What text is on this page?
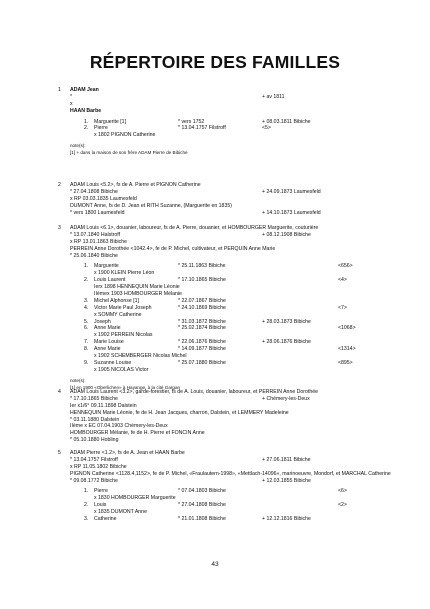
RÉPERTOIRE DES FAMILLES
1 ADAM Jean
*	+ av 1811
x
HAAN Barbe
1. Marguerite [1]	* vers 1752	+ 08.03.1811 Bibiche
2. Pierre	* 13.04.1757 Filstroff	<5>
x 1802 PIGNON Catherine
note(s):
[1] + dans la maison de son frère ADAM Pierre de Bibiche
2 ADAM Louis <5.2>, fs de A. Pierre et PIGNON Catherine
* 27.04.1808 Bibiche	+ 24.09.1873 Laumesfeld
x RP 03.03.1835 Laumesfeld
DUMONT Anne, fs de D. Jean et RITH Suzanne, (Marguerite en 1835)
* vers 1800 Laumesfeld	+ 14.10.1873 Laumesfeld
3 ADAM Louis <6.1>, douanier, laboureur, fs de A. Pierre, douanier, et HOMBOURGER Marguerite, couturière
* 13.07.1840 Halstroff	+ 08.12.1908 Bibiche
x RP 13.01.1863 Bibiche
PERREIN Anne Dorothée <1042.4>, fe de P. Michel, cultivateur, et PERQUIN Anne Marie
* 25.06.1840 Bibiche
1. Marguerite	* 25.11.1863 Bibiche	<656>
x 1900 KLEIN Pierre Léon
2. Louis Laurent	* 17.10.1865 Bibiche	<4>
Ierx 1898 HENNEQUIN Marie Léonie
IIèmex 1903 HOMBOURGER Mélanie
3. Michel Alphonse [1]	* 22.07.1867 Bibiche
4. Victor Marie Paul Joseph	* 24.10.1869 Bibiche	<7>
x SOMMY Catherine
5. Joseph	* 31.03.1872 Bibiche	+ 28.03.1873 Bibiche
6. Anne Marie	* 25.02.1874 Bibiche	<1068>
x 1902 PERREIN Nicolas
7. Marie Louise	* 22.06.1876 Bibiche	+ 28.06.1876 Bibiche
8. Anne Marie	* 14.09.1877 Bibiche	<1314>
x 1902 SCHEMBERGER Nicolas Michel
9. Suzanne Louise	* 25.07.1880 Bibiche	<895>
x 1905 NICOLAS Victor
note(s):
[1] en 1900 «Oberlichen» à Hayange, à la cité Gargan
4 ADAM Louis Laurent <3.2>, garde-forestier, fs de A. Louis, douanier, laboureur, et PERREIN Anne Dorothée
* 17.10.1865 Bibiche	+ Chémery-les-Deux
Ier x1/6° 09.11.1898 Dalstein
HENNEQUIN Marie Léonie, fe de H. Jean Jacques, charron, Dalstein, et LEMMERY Madeleine
* 03.11.1880 Dalstein
IIème x EC 07.04.1903 Chémery-les-Deux
HOMBOURGER Mélanie, fe de H. Pierre et FONCIN Anne
* 05.10.1880 Hobling
5 ADAM Pierre <1.2>, fs de A. Jean et HAAN Barbe
* 13.04.1757 Filstroff	+ 27.06.1811 Bibiche
x RP 11.05.1802 Bibiche
PIGNON Catherine <1128.4,1152>, fe de P. Michel, «Fraulautern-1998», «Mettlach-14096», marinoeuvre, Mondorf, et MARCHAL Catherine
* 09.08.1772 Bibiche	+ 12.03.1855 Bibiche
1. Pierre	* 07.04.1803 Bibiche	<6>
x 1830 HOMBOURGER Marguerite
2. Louis	* 27.04.1808 Bibiche	<2>
x 1835 DUMONT Anne
3. Catherine	* 21.01.1808 Bibiche	+ 12.12.1816 Bibiche
43
